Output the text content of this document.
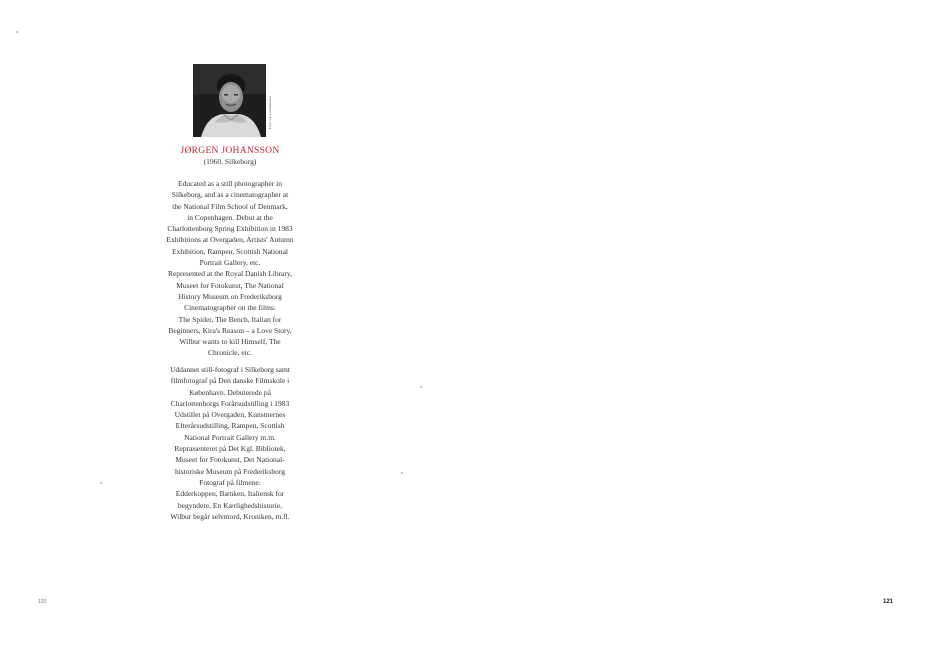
Foto: Lars Gundersen
JØRGEN JOHANSSON
(1960, Silkeborg)
Educated as a still photographer in
Silkeborg, and as a cinematographer at
the National Film School of Denmark,
in Copenhagen. Debut at the
Charlottenborg Spring Exhibition in 1983
Exhibitions at Overgaden, Artists' Autumn
Exhibition, Rampen, Scottish National
Portrait Gallery, etc.
Represented at the Royal Danish Library,
Museet for Fotokunst, The National
History Museum on Frederiksborg
Cinematographer on the films:
The Spider, The Bench, Italian for
Beginners, Kira's Reason – a Love Story,
Wilbur wants to kill Himself, The
Chronicle, etc.
Uddannet still-fotograf i Silkeborg samt
filmfotograf på Den danske Filmskole i
København. Debuterede på
Charlottenborgs Forårsudstilling i 1983
Udstillet på Overgaden, Kunstnernes
Efterårsudstilling, Rampen, Scottish
National Portrait Gallery m.m.
Repræsenteret på Det Kgl. Bibliotek,
Museet for Fotokunst, Det National-
historiske Museum på Frederiksborg
Fotograf på filmene:
Edderkoppen, Bænken, Italiensk for
begyndere, En Kærlighedshistorie,
Wilbur begår selvmord, Kroniken, m.fl.
120	121
